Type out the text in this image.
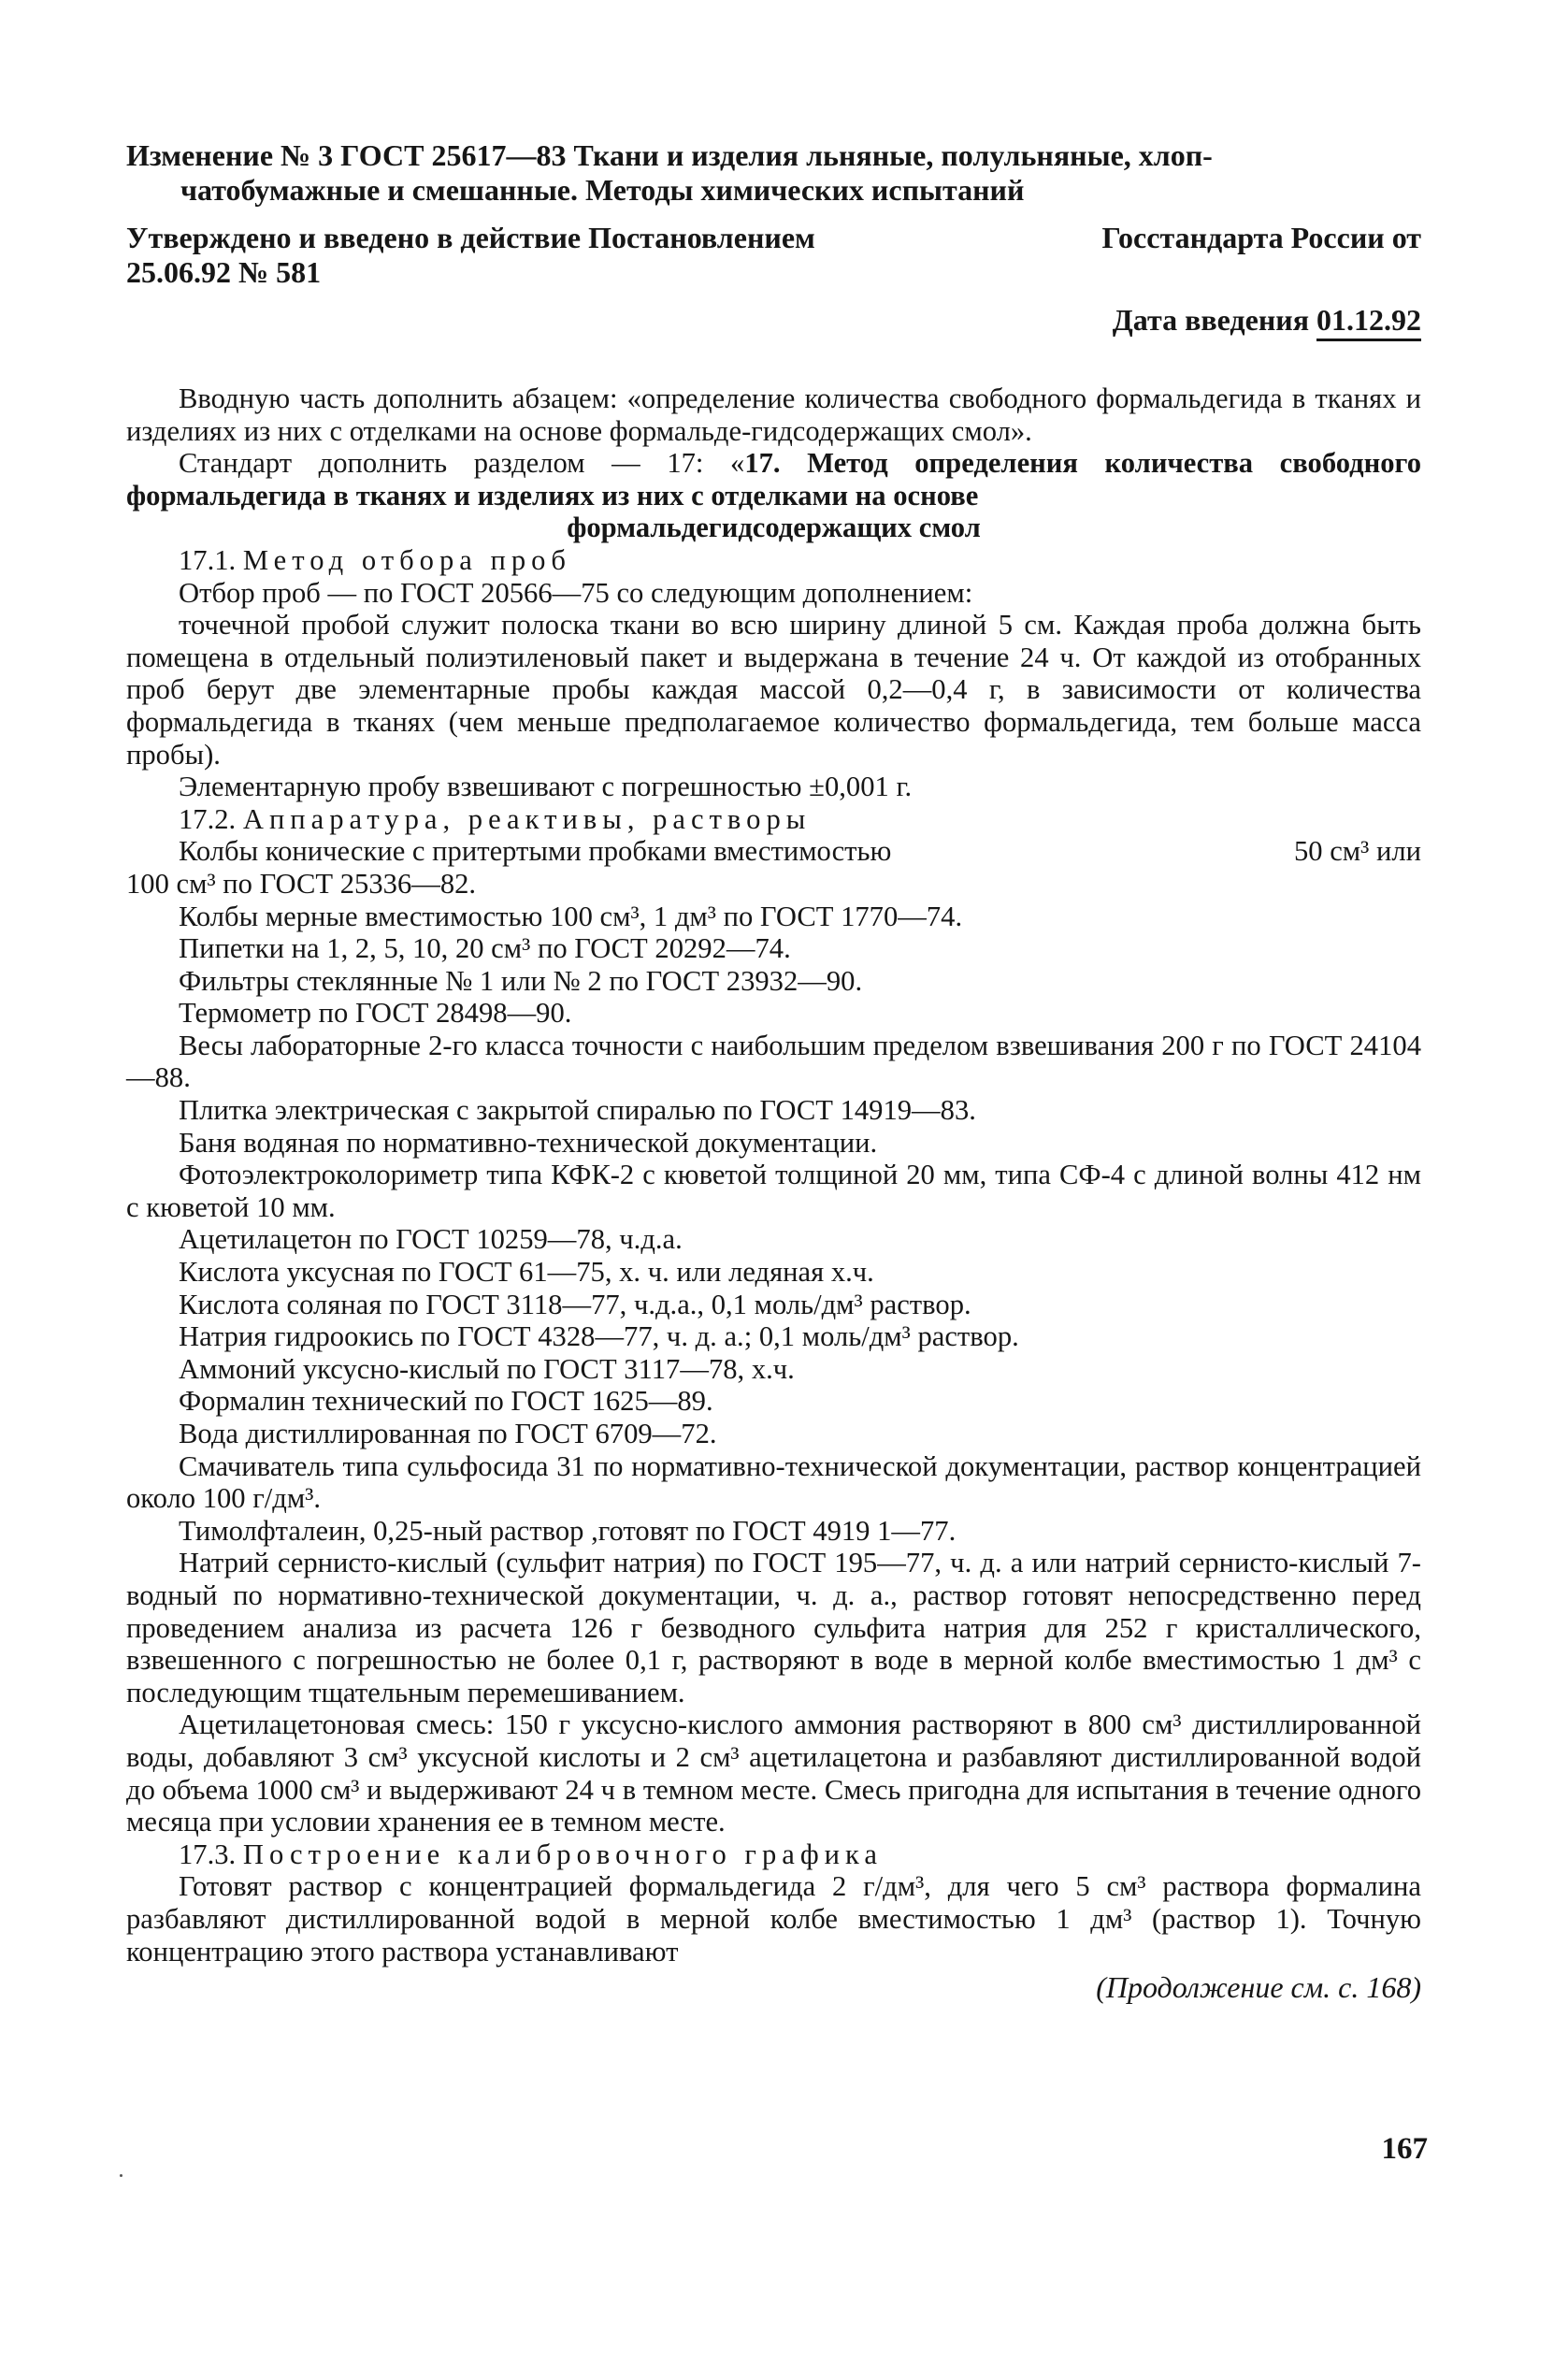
Изменение № 3 ГОСТ 25617—83 Ткани и изделия льняные, полульняные, хлоп-
чатобумажные и смешанные. Методы химических испытаний
Утверждено и введено в действие Постановлением	Госстандарта России от
25.06.92 № 581
Дата введения 01.12.92

Вводную часть дополнить абзацем: «определение количества свободного формальдегида в тканях и изделиях из них с отделками на основе формальде-гидсодержащих смол».

Стандарт дополнить разделом — 17: «17. Метод определения количества свободного формальдегида в тканях и изделиях из них с отделками на основе

формальдегидсодержащих смол

17.1. Метод отбора проб

Отбор проб — по ГОСТ 20566—75 со следующим дополнением:

точечной пробой служит полоска ткани во всю ширину длиной 5 см. Каждая проба должна быть помещена в отдельный полиэтиленовый пакет и выдержана в течение 24 ч. От каждой из отобранных проб берут две элементарные пробы каждая массой 0,2—0,4 г, в зависимости от количества формальдегида в тканях (чем меньше предполагаемое количество формальдегида, тем больше масса пробы).

Элементарную пробу взвешивают с погрешностью ±0,001 г.

17.2. Аппаратура, реактивы, растворы

Колбы конические с притертыми пробками вместимостью	50 см³ или

100 см³ по ГОСТ 25336—82.

Колбы мерные вместимостью 100 см³, 1 дм³ по ГОСТ 1770—74.

Пипетки на 1, 2, 5, 10, 20 см³ по ГОСТ 20292—74.

Фильтры стеклянные № 1 или № 2 по ГОСТ 23932—90.

Термометр по ГОСТ 28498—90.

Весы лабораторные 2-го класса точности с наибольшим пределом взвешивания 200 г по ГОСТ 24104—88.

Плитка электрическая с закрытой спиралью по ГОСТ 14919—83.

Баня водяная по нормативно-технической документации.

Фотоэлектроколориметр типа КФК-2 с кюветой толщиной 20 мм, типа СФ-4 с длиной волны 412 нм с кюветой 10 мм.

Ацетилацетон по ГОСТ 10259—78, ч.д.а.

Кислота уксусная по ГОСТ 61—75, х. ч. или ледяная х.ч.

Кислота соляная по ГОСТ 3118—77, ч.д.а., 0,1 моль/дм³ раствор.

Натрия гидроокись по ГОСТ 4328—77, ч. д. а.; 0,1 моль/дм³ раствор.

Аммоний уксусно-кислый по ГОСТ 3117—78, х.ч.

Формалин технический по ГОСТ 1625—89.

Вода дистиллированная по ГОСТ 6709—72.

Смачиватель типа сульфосида 31 по нормативно-технической документации, раствор концентрацией около 100 г/дм³.

Тимолфталеин, 0,25-ный раствор ,готовят по ГОСТ 4919 1—77.

Натрий сернисто-кислый (сульфит натрия) по ГОСТ 195—77, ч. д. а или натрий сернисто-кислый 7-водный по нормативно-технической документации, ч. д. а., раствор готовят непосредственно перед проведением анализа из расчета 126 г безводного сульфита натрия для 252 г кристаллического, взвешенного с погрешностью не более 0,1 г, растворяют в воде в мерной колбе вместимостью 1 дм³ с последующим тщательным перемешиванием.

Ацетилацетоновая смесь: 150 г уксусно-кислого аммония растворяют в 800 см³ дистиллированной воды, добавляют 3 см³ уксусной кислоты и 2 см³ ацетилацетона и разбавляют дистиллированной водой до объема 1000 см³ и выдерживают 24 ч в темном месте. Смесь пригодна для испытания в течение одного месяца при условии хранения ее в темном месте.

17.3. Построение калибровочного графика

Готовят раствор с концентрацией формальдегида 2 г/дм³, для чего 5 см³ раствора формалина разбавляют дистиллированной водой в мерной колбе вместимостью 1 дм³ (раствор 1). Точную концентрацию этого раствора устанавливают

(Продолжение см. с. 168)
167
